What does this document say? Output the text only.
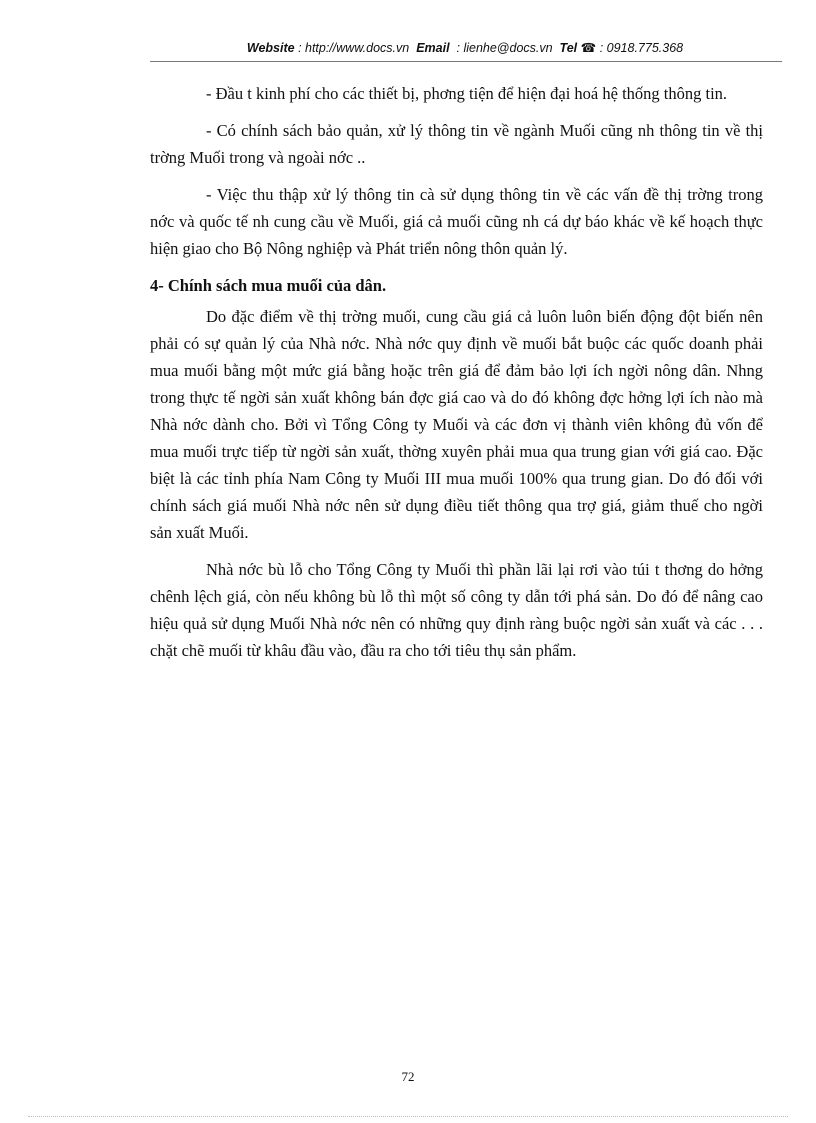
Website : http://www.docs.vn Email : lienhe@docs.vn Tel ☎ : 0918.775.368

- Đầu t kinh phí cho các thiết bị, phơng tiện để hiện đại hoá hệ thống thông tin.

- Có chính sách bảo quản, xử lý thông tin về ngành Muối cũng nh thông tin về thị trờng Muối trong và ngoài nớc ..

- Việc thu thập xử lý thông tin cà sử dụng thông tin về các vấn đề thị trờng trong nớc và quốc tế nh cung cầu về Muối, giá cả muối cũng nh cá dự báo khác về kế hoạch thực hiện giao cho Bộ Nông nghiệp và Phát triển nông thôn quản lý.

4- Chính sách mua muối của dân.

Do đặc điểm về thị trờng muối, cung cầu giá cả luôn luôn biến động đột biến nên phải có sự quản lý của Nhà nớc. Nhà nớc quy định về muối bắt buộc các quốc doanh phải mua muối bằng một mức giá bằng hoặc trên giá để đảm bảo lợi ích ngời nông dân. Nhng trong thực tế ngời sản xuất không bán đợc giá cao và do đó không đợc hởng lợi ích nào mà Nhà nớc dành cho. Bởi vì Tổng Công ty Muối và các đơn vị thành viên không đủ vốn để mua muối trực tiếp từ ngời sản xuất, thờng xuyên phải mua qua trung gian với giá cao. Đặc biệt là các tỉnh phía Nam Công ty Muối III mua muối 100% qua trung gian. Do đó đối với chính sách giá muối Nhà nớc nên sử dụng điều tiết thông qua trợ giá, giảm thuế cho ngời sản xuất Muối.

Nhà nớc bù lỗ cho Tổng Công ty Muối thì phần lãi lại rơi vào túi t thơng do hởng chênh lệch giá, còn nếu không bù lỗ thì một số công ty dẫn tới phá sản. Do đó để nâng cao hiệu quả sử dụng Muối Nhà nớc nên có những quy định ràng buộc ngời sản xuất và các . . . chặt chẽ muối từ khâu đầu vào, đầu ra cho tới tiêu thụ sản phẩm.

72
